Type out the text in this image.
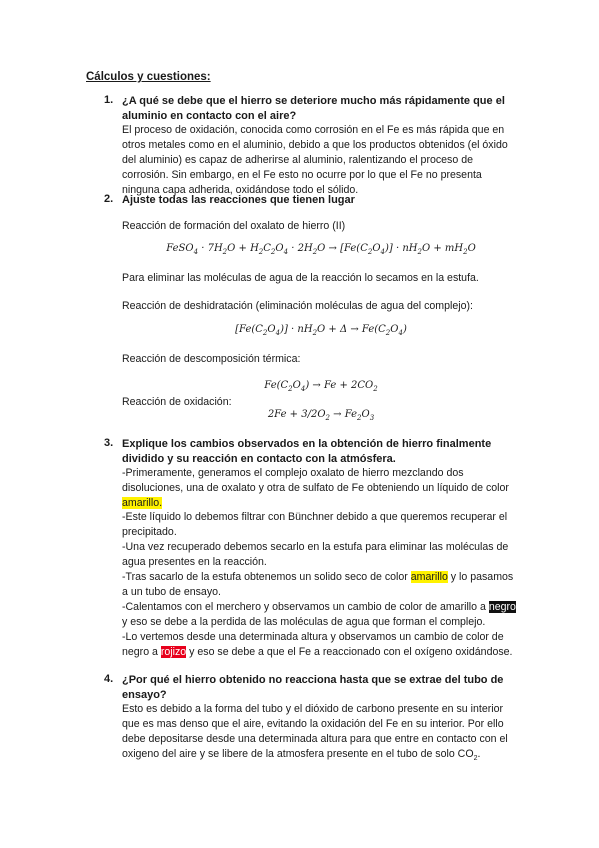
Cálculos y cuestiones:
1. ¿A qué se debe que el hierro se deteriore mucho más rápidamente que el aluminio en contacto con el aire?
El proceso de oxidación, conocida como corrosión en el Fe es más rápida que en otros metales como en el aluminio, debido a que los productos obtenidos (el óxido del aluminio) es capaz de adherirse al aluminio, ralentizando el proceso de corrosión. Sin embargo, en el Fe esto no ocurre por lo que el Fe no presenta ninguna capa adherida, oxidándose todo el sólido.
2. Ajuste todas las reacciones que tienen lugar
Reacción de formación del oxalato de hierro (II)
FeSO$_4$ · $7H_2O + H_2C_2O_4 \cdot 2H_2O \to [Fe(C_2O_4)] \cdot nH_2O + mH_2O$
Para eliminar las moléculas de agua de la reacción lo secamos en la estufa.
Reacción de deshidratación (eliminación moléculas de agua del complejo):
$[Fe(C_2O_4)] \cdot nH_2O + \Delta \to Fe(C_2O_4)$
Reacción de descomposición térmica:
$Fe(C_2O_4) \to Fe + 2CO_2$
Reacción de oxidación:
$2Fe + 3/2O_2 \to Fe_2O_3$
3. Explique los cambios observados en la obtención de hierro finalmente dividido y su reacción en contacto con la atmósfera.
-Primeramente, generamos el complejo oxalato de hierro mezclando dos disoluciones, una de oxalato y otra de sulfato de Fe obteniendo un líquido de color amarillo.
-Este líquido lo debemos filtrar con Bünchner debido a que queremos recuperar el precipitado.
-Una vez recuperado debemos secarlo en la estufa para eliminar las moléculas de agua presentes en la reacción.
-Tras sacarlo de la estufa obtenemos un solido seco de color amarillo y lo pasamos a un tubo de ensayo.
-Calentamos con el merchero y observamos un cambio de color de amarillo a negro y eso se debe a la perdida de las moléculas de agua que forman el complejo.
-Lo vertemos desde una determinada altura y observamos un cambio de color de negro a rojizo y eso se debe a que el Fe a reaccionado con el oxígeno oxidándose.
4. ¿Por qué el hierro obtenido no reacciona hasta que se extrae del tubo de ensayo?
Esto es debido a la forma del tubo y el dióxido de carbono presente en su interior que es mas denso que el aire, evitando la oxidación del Fe en su interior. Por ello debe depositarse desde una determinada altura para que entre en contacto con el oxigeno del aire y se libere de la atmosfera presente en el tubo de solo $CO_2$.
